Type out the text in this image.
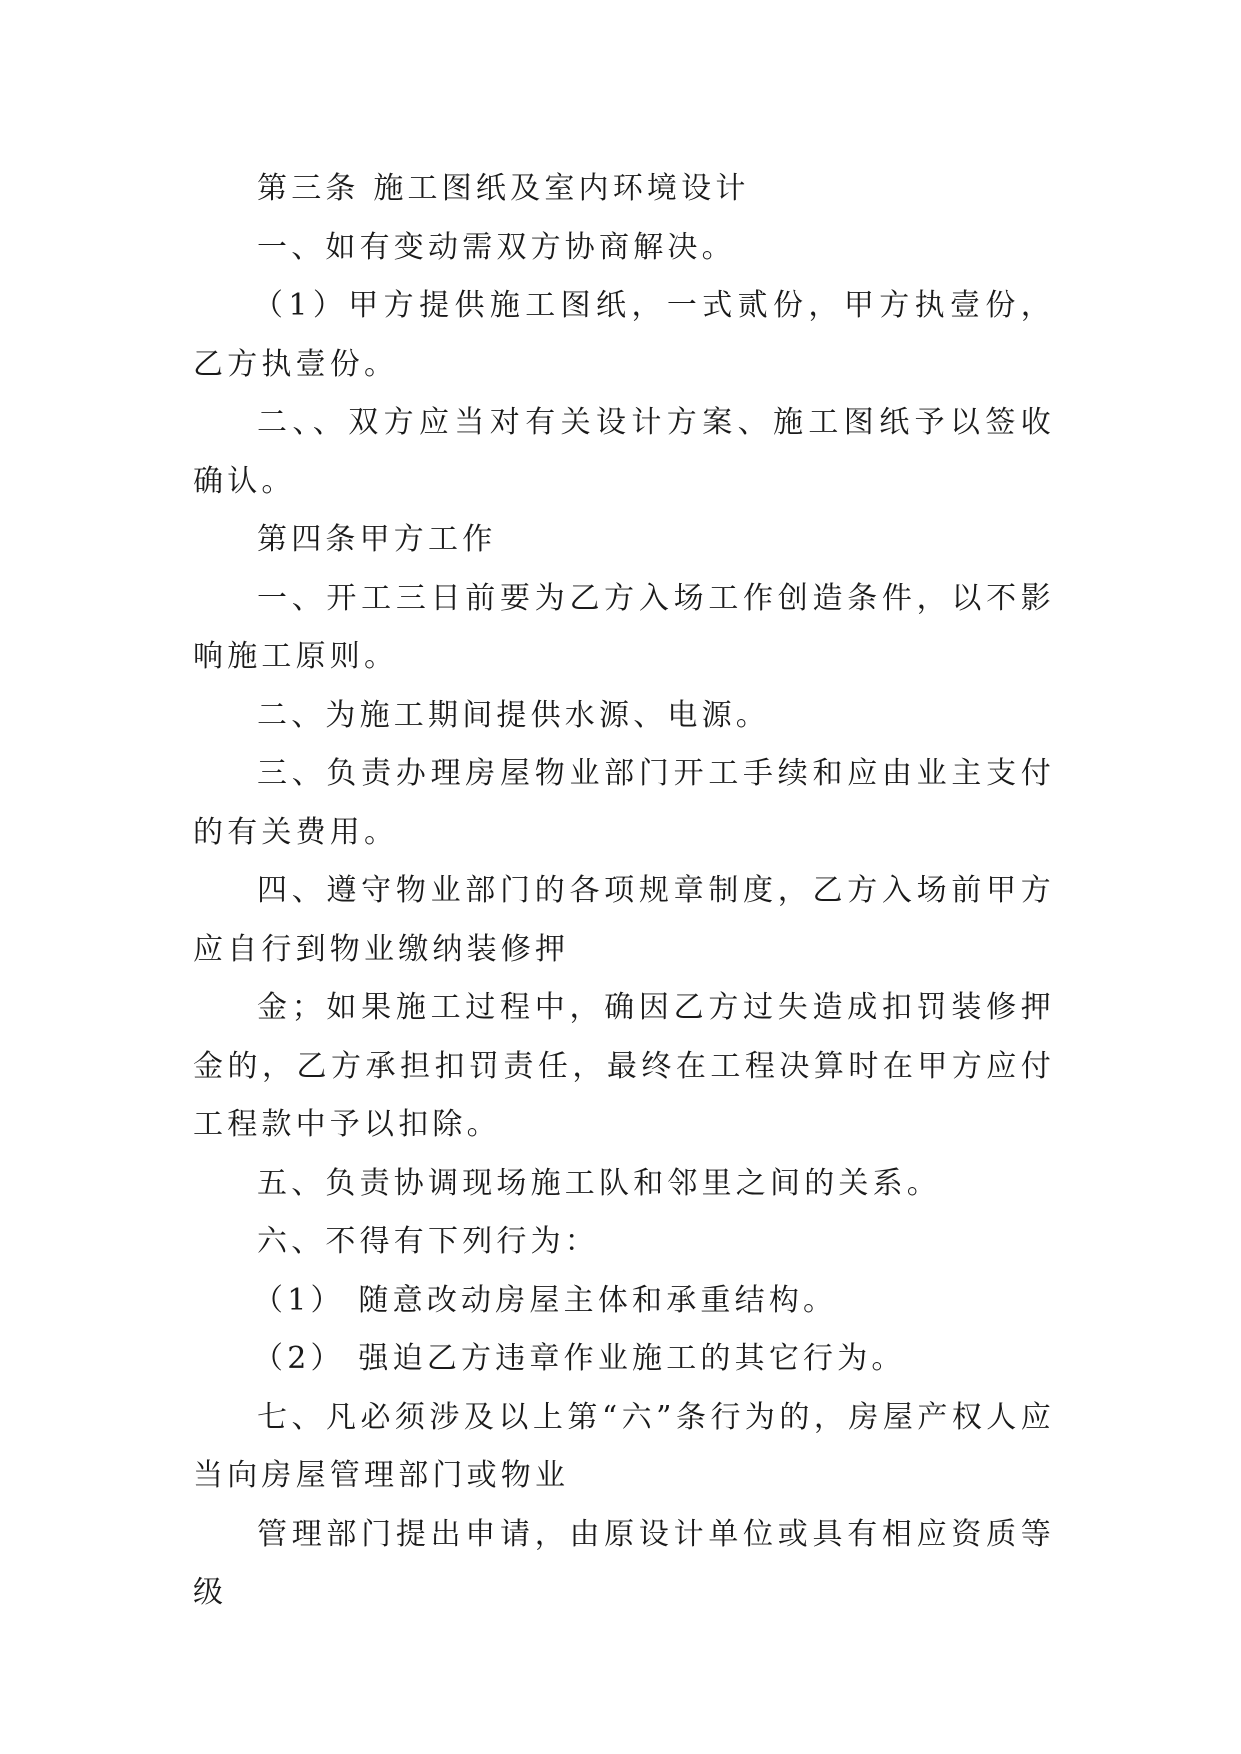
第三条 施工图纸及室内环境设计

一、如有变动需双方协商解决。

（1）甲方提供施工图纸，一式贰份，甲方执壹份，乙方执壹份。

二、、双方应当对有关设计方案、施工图纸予以签收确认。

第四条甲方工作

一、开工三日前要为乙方入场工作创造条件，以不影响施工原则。

二、为施工期间提供水源、电源。

三、负责办理房屋物业部门开工手续和应由业主支付的有关费用。

四、遵守物业部门的各项规章制度，乙方入场前甲方应自行到物业缴纳装修押

金；如果施工过程中，确因乙方过失造成扣罚装修押金的，乙方承担扣罚责任，最终在工程决算时在甲方应付工程款中予以扣除。

五、负责协调现场施工队和邻里之间的关系。

六、不得有下列行为：

（1） 随意改动房屋主体和承重结构。

（2） 强迫乙方违章作业施工的其它行为。

七、凡必须涉及以上第“六”条行为的，房屋产权人应当向房屋管理部门或物业

管理部门提出申请，由原设计单位或具有相应资质等级
